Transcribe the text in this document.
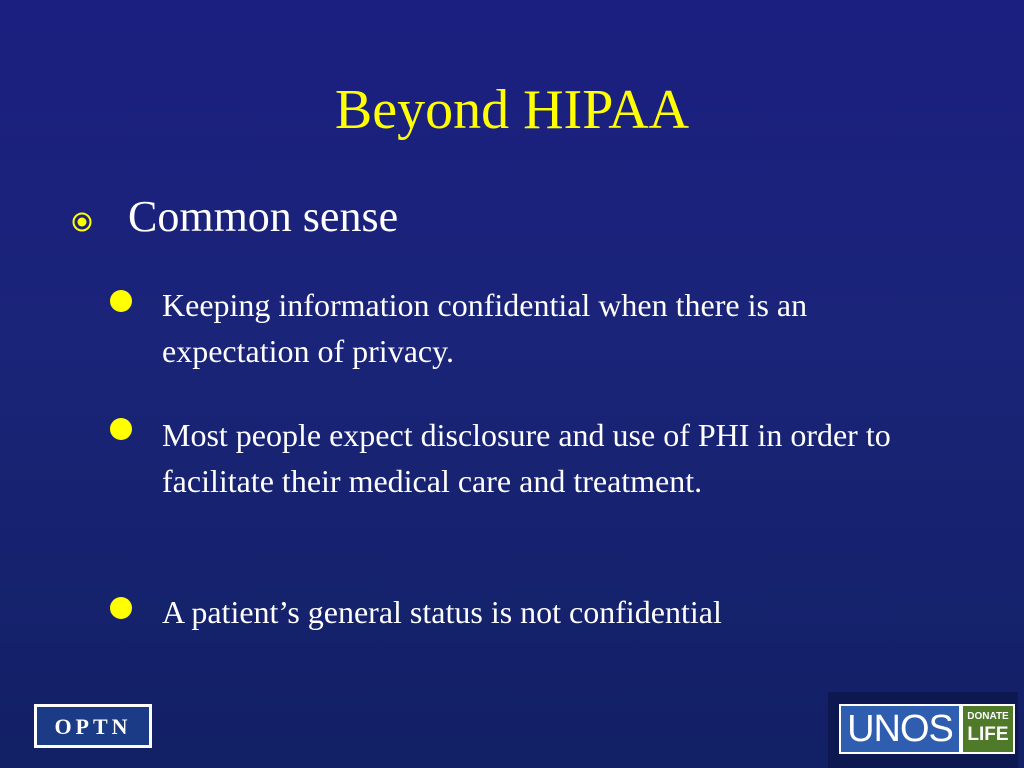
Beyond HIPAA
Common sense
Keeping information confidential when there is an expectation of privacy.
Most people expect disclosure and use of PHI in order to facilitate their medical care and treatment.
A patient’s general status is not confidential
OPTN	UNOS	DONATE
LIFE
